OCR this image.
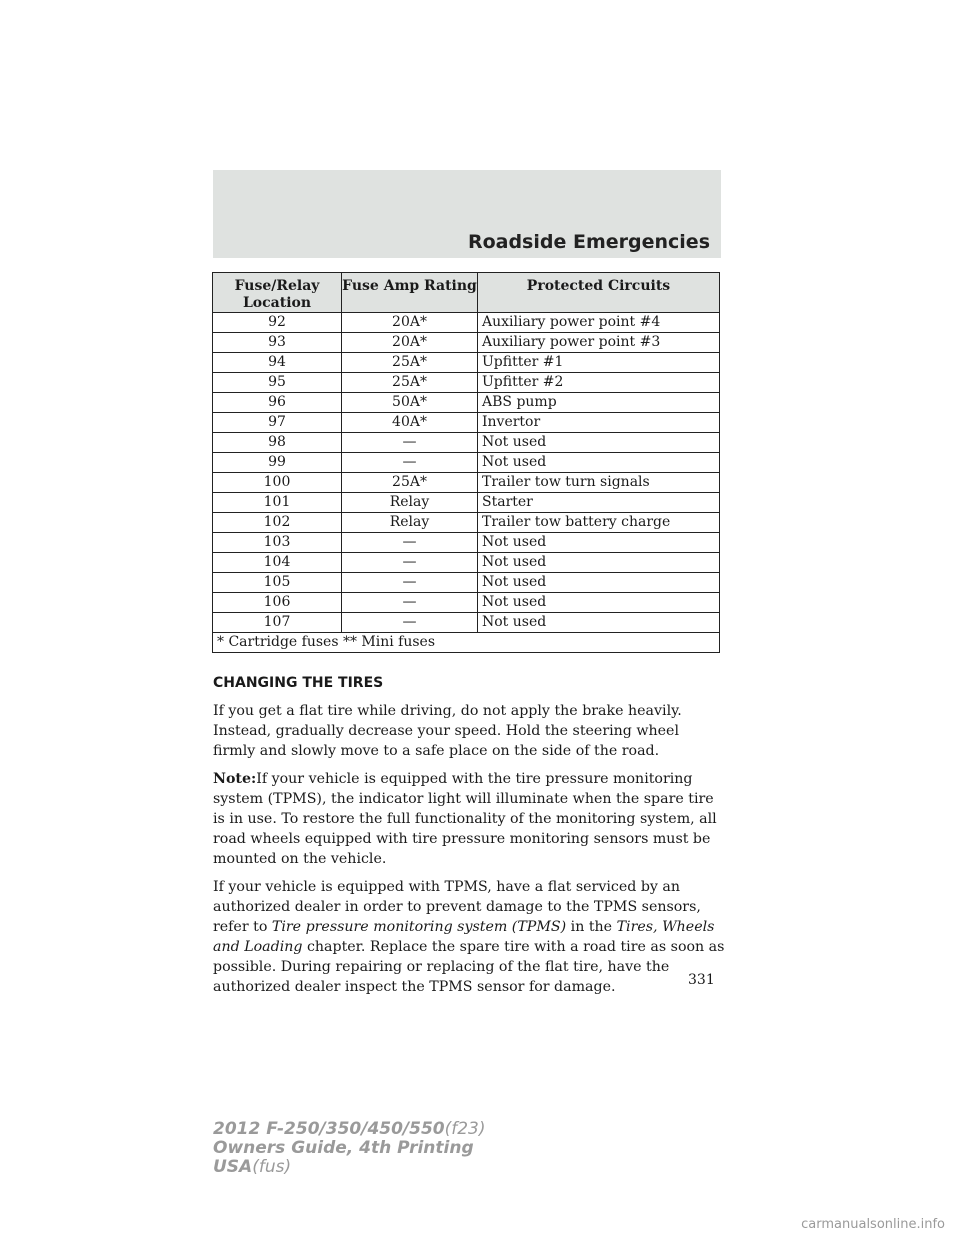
Roadside Emergencies
Fuse/Relay Location	Fuse Amp Rating	Protected Circuits
92	20A*	Auxiliary power point #4
93	20A*	Auxiliary power point #3
94	25A*	Upfitter #1
95	25A*	Upfitter #2
96	50A*	ABS pump
97	40A*	Invertor
98	—	Not used
99	—	Not used
100	25A*	Trailer tow turn signals
101	Relay	Starter
102	Relay	Trailer tow battery charge
103	—	Not used
104	—	Not used
105	—	Not used
106	—	Not used
107	—	Not used
* Cartridge fuses ** Mini fuses		
CHANGING THE TIRES

If you get a flat tire while driving, do not apply the brake heavily. Instead, gradually decrease your speed. Hold the steering wheel firmly and slowly move to a safe place on the side of the road.

Note:If your vehicle is equipped with the tire pressure monitoring system (TPMS), the indicator light will illuminate when the spare tire is in use. To restore the full functionality of the monitoring system, all road wheels equipped with tire pressure monitoring sensors must be mounted on the vehicle.

If your vehicle is equipped with TPMS, have a flat serviced by an authorized dealer in order to prevent damage to the TPMS sensors, refer to Tire pressure monitoring system (TPMS) in the Tires, Wheels and Loading chapter. Replace the spare tire with a road tire as soon as possible. During repairing or replacing of the flat tire, have the authorized dealer inspect the TPMS sensor for damage.	331
2012 F-250/350/450/550(f23)
Owners Guide, 4th Printing
USA(fus)
carmanualsonline.info
